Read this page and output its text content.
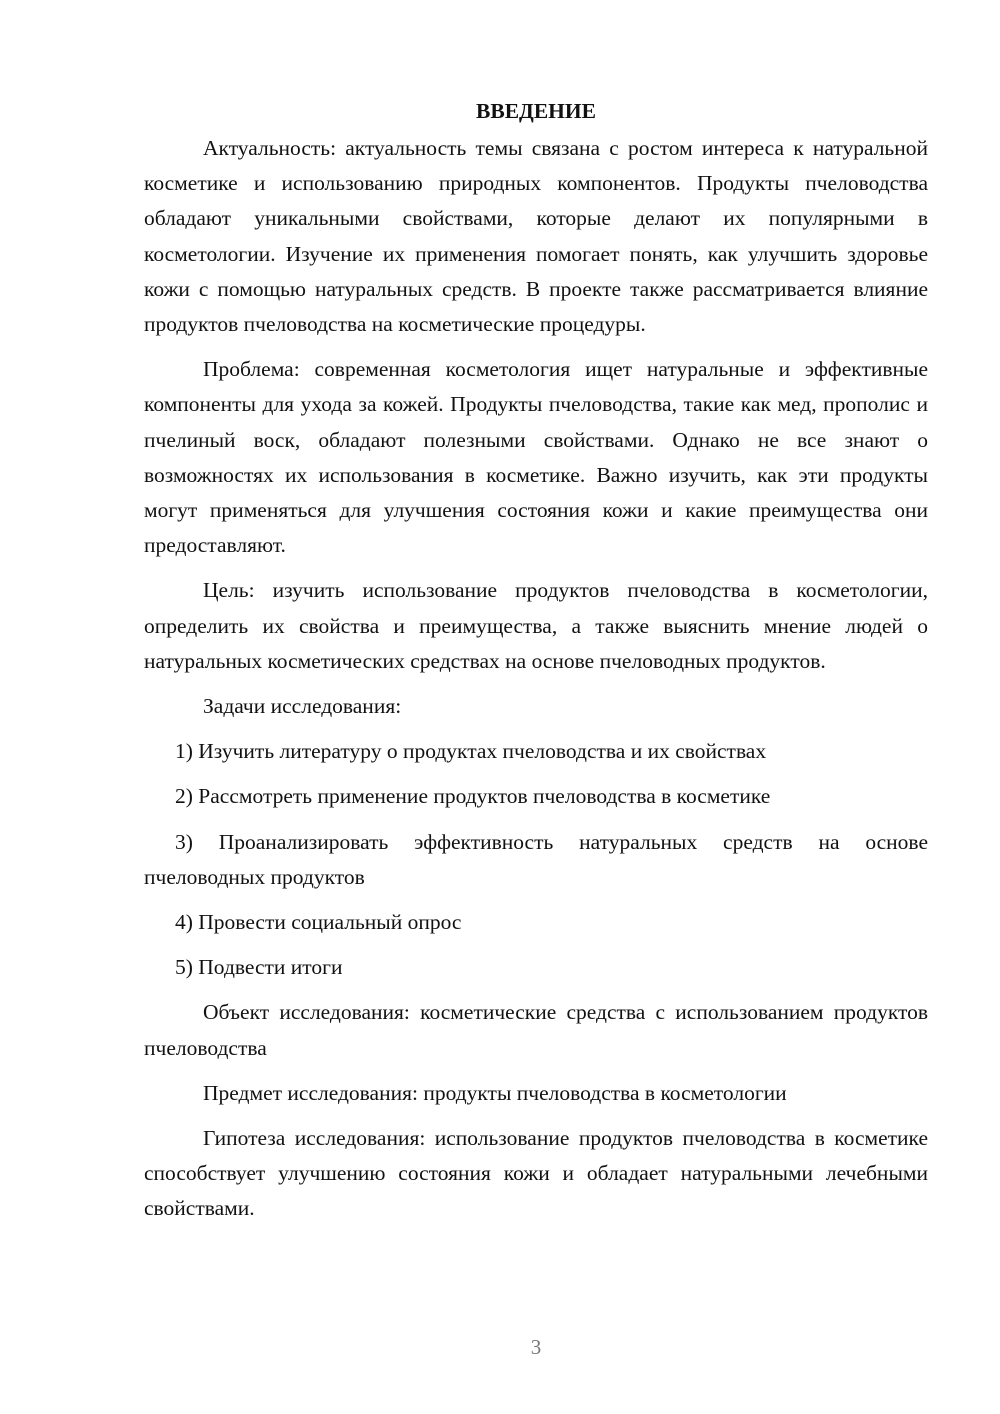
ВВЕДЕНИЕ

Актуальность: актуальность темы связана с ростом интереса к натуральной косметике и использованию природных компонентов. Продукты пчеловодства обладают уникальными свойствами, которые делают их популярными в косметологии. Изучение их применения помогает понять, как улучшить здоровье кожи с помощью натуральных средств. В проекте также рассматривается влияние продуктов пчеловодства на косметические процедуры.

Проблема: современная косметология ищет натуральные и эффективные компоненты для ухода за кожей. Продукты пчеловодства, такие как мед, прополис и пчелиный воск, обладают полезными свойствами. Однако не все знают о возможностях их использования в косметике. Важно изучить, как эти продукты могут применяться для улучшения состояния кожи и какие преимущества они предоставляют.

Цель: изучить использование продуктов пчеловодства в косметологии, определить их свойства и преимущества, а также выяснить мнение людей о натуральных косметических средствах на основе пчеловодных продуктов.

Задачи исследования:

1) Изучить литературу о продуктах пчеловодства и их свойствах

2) Рассмотреть применение продуктов пчеловодства в косметике

3) Проанализировать эффективность натуральных средств на основе пчеловодных продуктов

4) Провести социальный опрос

5) Подвести итоги

Объект исследования: косметические средства с использованием продуктов пчеловодства

Предмет исследования: продукты пчеловодства в косметологии

Гипотеза исследования: использование продуктов пчеловодства в косметике способствует улучшению состояния кожи и обладает натуральными лечебными свойствами.

3
